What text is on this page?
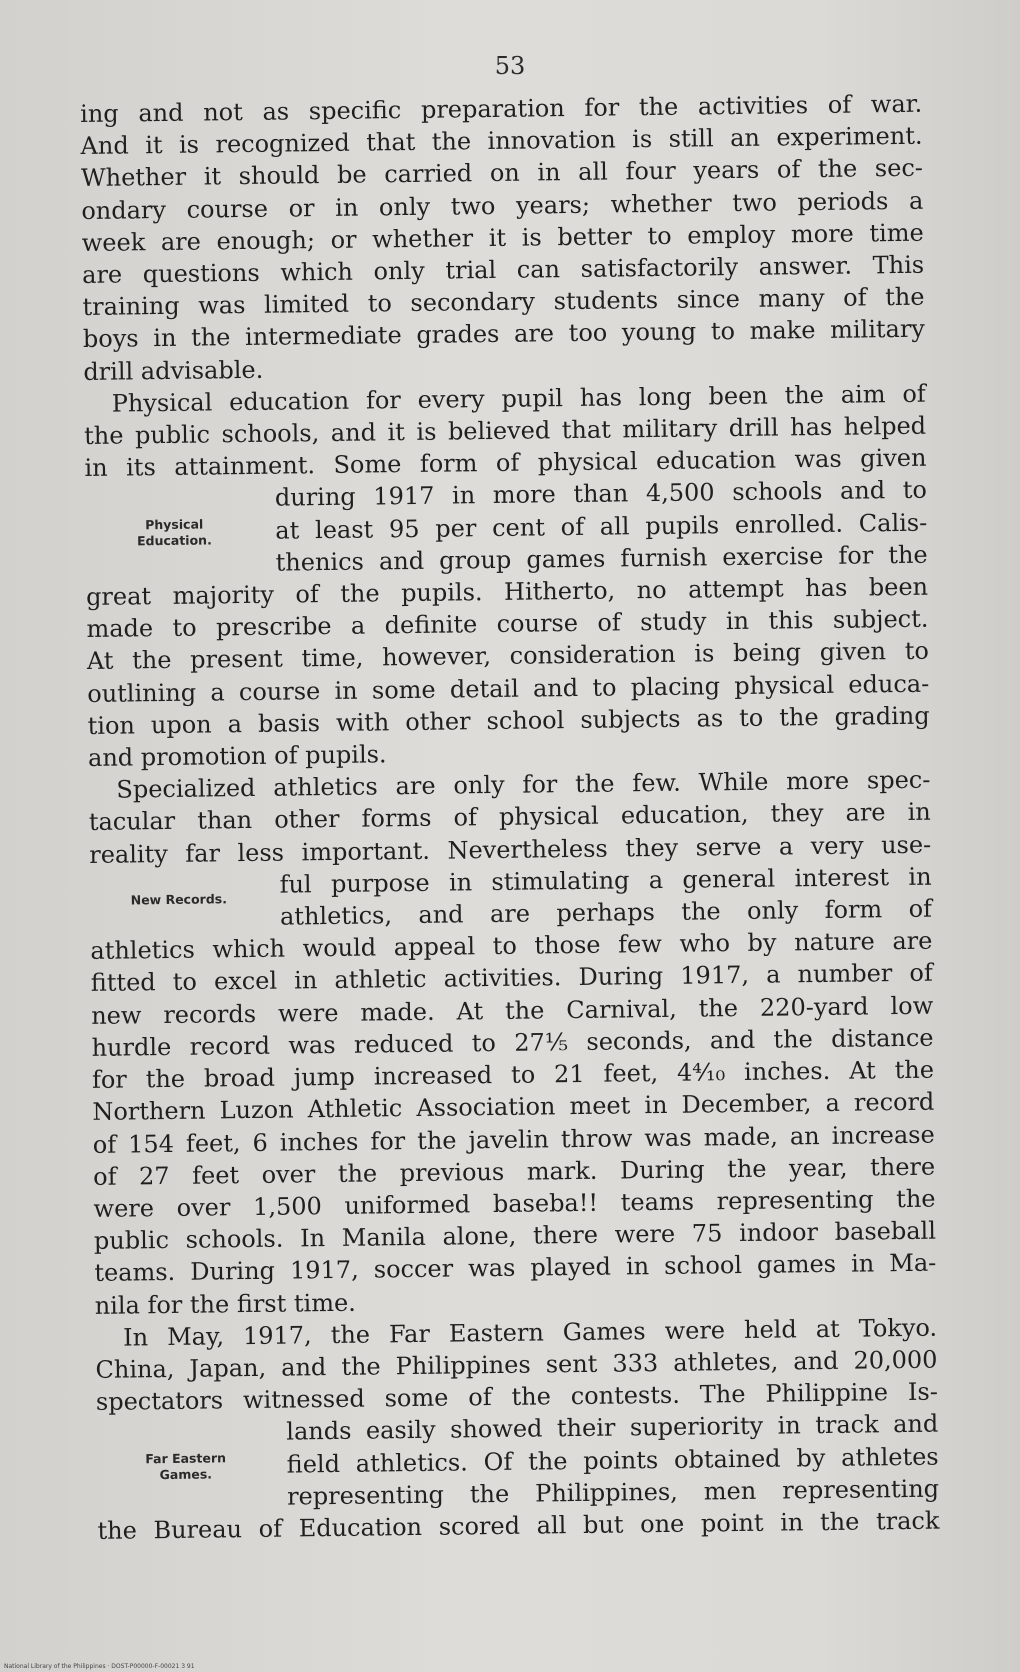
53
ing and not as specific preparation for the activities of war.
And it is recognized that the innovation is still an experiment.
Whether it should be carried on in all four years of the sec-
ondary course or in only two years; whether two periods a
week are enough; or whether it is better to employ more time
are questions which only trial can satisfactorily answer. This
training was limited to secondary students since many of the
boys in the intermediate grades are too young to make military
drill advisable.
Physical education for every pupil has long been the aim of
the public schools, and it is believed that military drill has helped
in its attainment. Some form of physical education was given
Physical
Education.
during 1917 in more than 4,500 schools and to
at least 95 per cent of all pupils enrolled. Calis-
thenics and group games furnish exercise for the
great majority of the pupils. Hitherto, no attempt has been
made to prescribe a definite course of study in this subject.
At the present time, however, consideration is being given to
outlining a course in some detail and to placing physical educa-
tion upon a basis with other school subjects as to the grading
and promotion of pupils.
Specialized athletics are only for the few. While more spec-
tacular than other forms of physical education, they are in
reality far less important. Nevertheless they serve a very use-
New Records.
ful purpose in stimulating a general interest in
athletics, and are perhaps the only form of
athletics which would appeal to those few who by nature are
fitted to excel in athletic activities. During 1917, a number of
new records were made. At the Carnival, the 220-yard low
hurdle record was reduced to 27⅕ seconds, and the distance
for the broad jump increased to 21 feet, 4⁴⁄₁₀ inches. At the
Northern Luzon Athletic Association meet in December, a record
of 154 feet, 6 inches for the javelin throw was made, an increase
of 27 feet over the previous mark. During the year, there
were over 1,500 uniformed baseba!! teams representing the
public schools. In Manila alone, there were 75 indoor baseball
teams. During 1917, soccer was played in school games in Ma-
nila for the first time.
In May, 1917, the Far Eastern Games were held at Tokyo.
China, Japan, and the Philippines sent 333 athletes, and 20,000
spectators witnessed some of the contests. The Philippine Is-
Far Eastern
Games.
lands easily showed their superiority in track and
field athletics. Of the points obtained by athletes
representing the Philippines, men representing
the Bureau of Education scored all but one point in the track
National Library of the Philippines · DOST-P00000-F-00021 3 91
